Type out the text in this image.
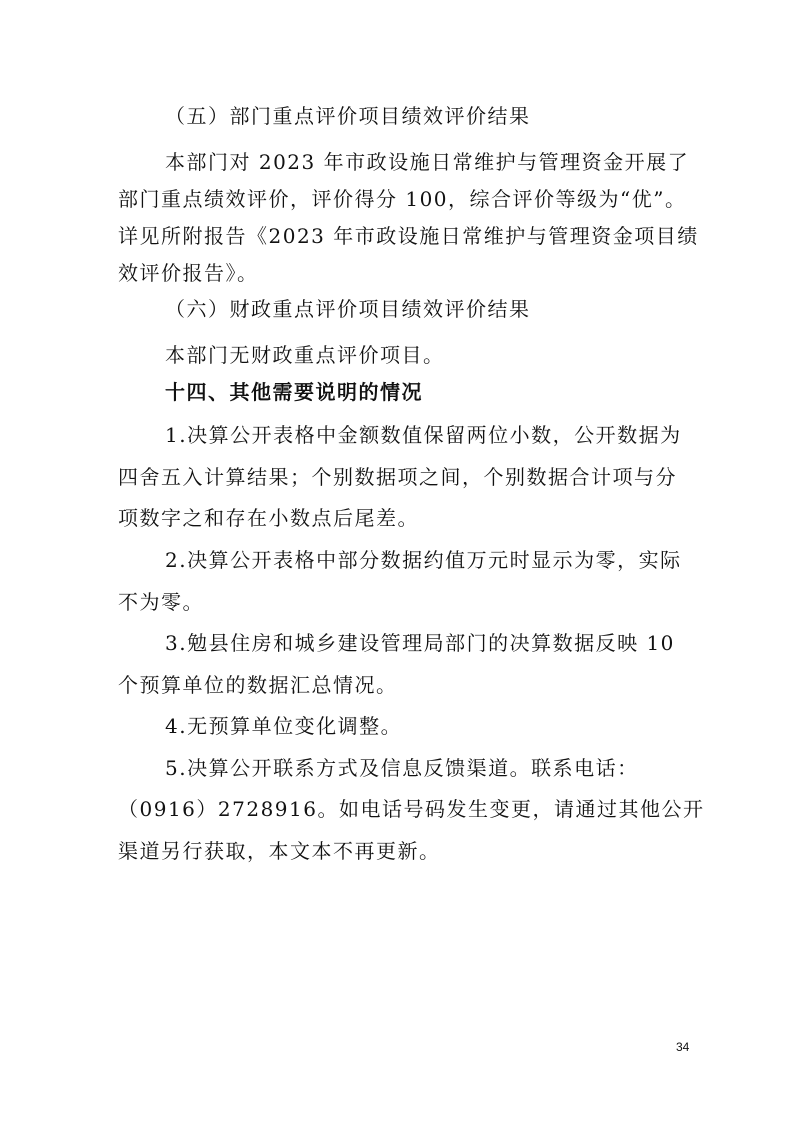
（五）部门重点评价项目绩效评价结果
本部门对 2023 年市政设施日常维护与管理资金开展了
部门重点绩效评价，评价得分 100，综合评价等级为“优”。
详见所附报告《2023 年市政设施日常维护与管理资金项目绩
效评价报告》。
（六）财政重点评价项目绩效评价结果
本部门无财政重点评价项目。
十四、其他需要说明的情况
1.决算公开表格中金额数值保留两位小数，公开数据为
四舍五入计算结果；个别数据项之间，个别数据合计项与分
项数字之和存在小数点后尾差。
2.决算公开表格中部分数据约值万元时显示为零，实际
不为零。
3.勉县住房和城乡建设管理局部门的决算数据反映 10
个预算单位的数据汇总情况。
4.无预算单位变化调整。
5.决算公开联系方式及信息反馈渠道。联系电话：
（0916）2728916。如电话号码发生变更，请通过其他公开
渠道另行获取，本文本不再更新。
34
